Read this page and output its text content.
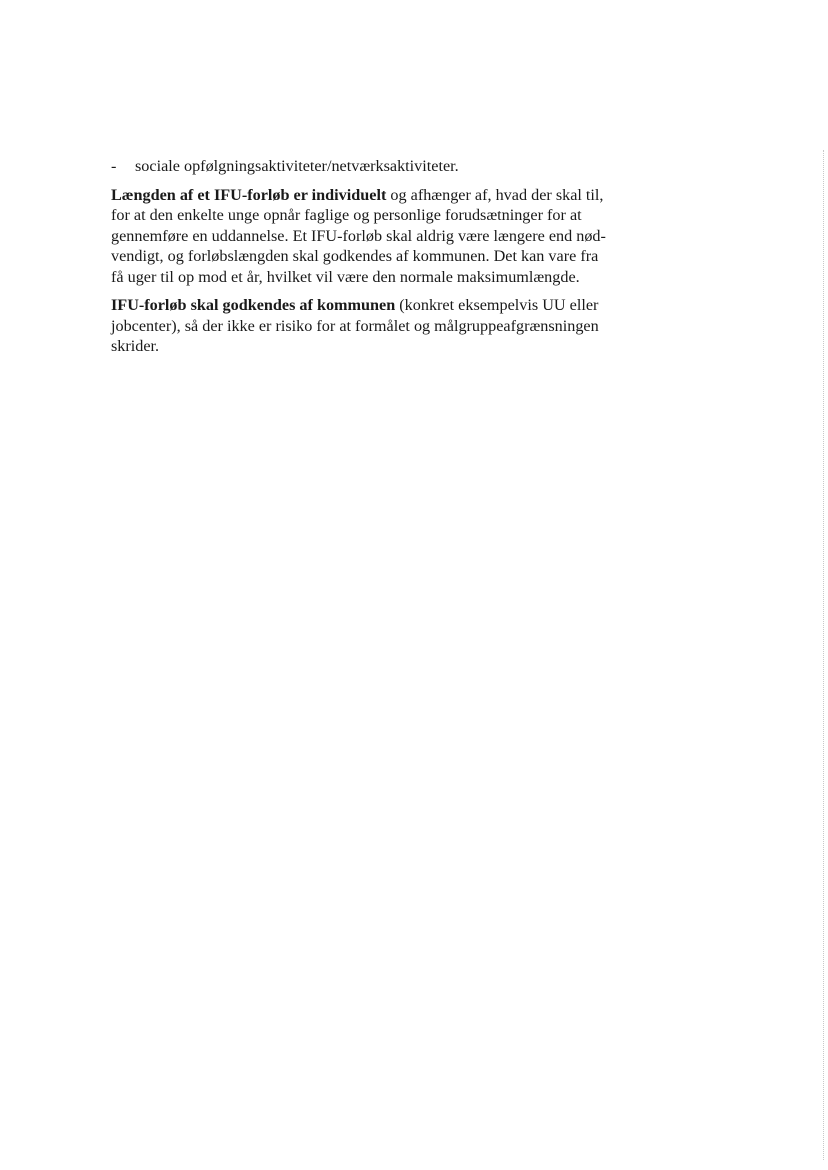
-	sociale opfølgningsaktiviteter/netværksaktiviteter.

Længden af et IFU-forløb er individuelt og afhænger af, hvad der skal til,
for at den enkelte unge opnår faglige og personlige forudsætninger for at
gennemføre en uddannelse. Et IFU-forløb skal aldrig være længere end nød-
vendigt, og forløbslængden skal godkendes af kommunen. Det kan vare fra
få uger til op mod et år, hvilket vil være den normale maksimumlængde.

IFU-forløb skal godkendes af kommunen (konkret eksempelvis UU eller
jobcenter), så der ikke er risiko for at formålet og målgruppeafgrænsningen
skrider.
